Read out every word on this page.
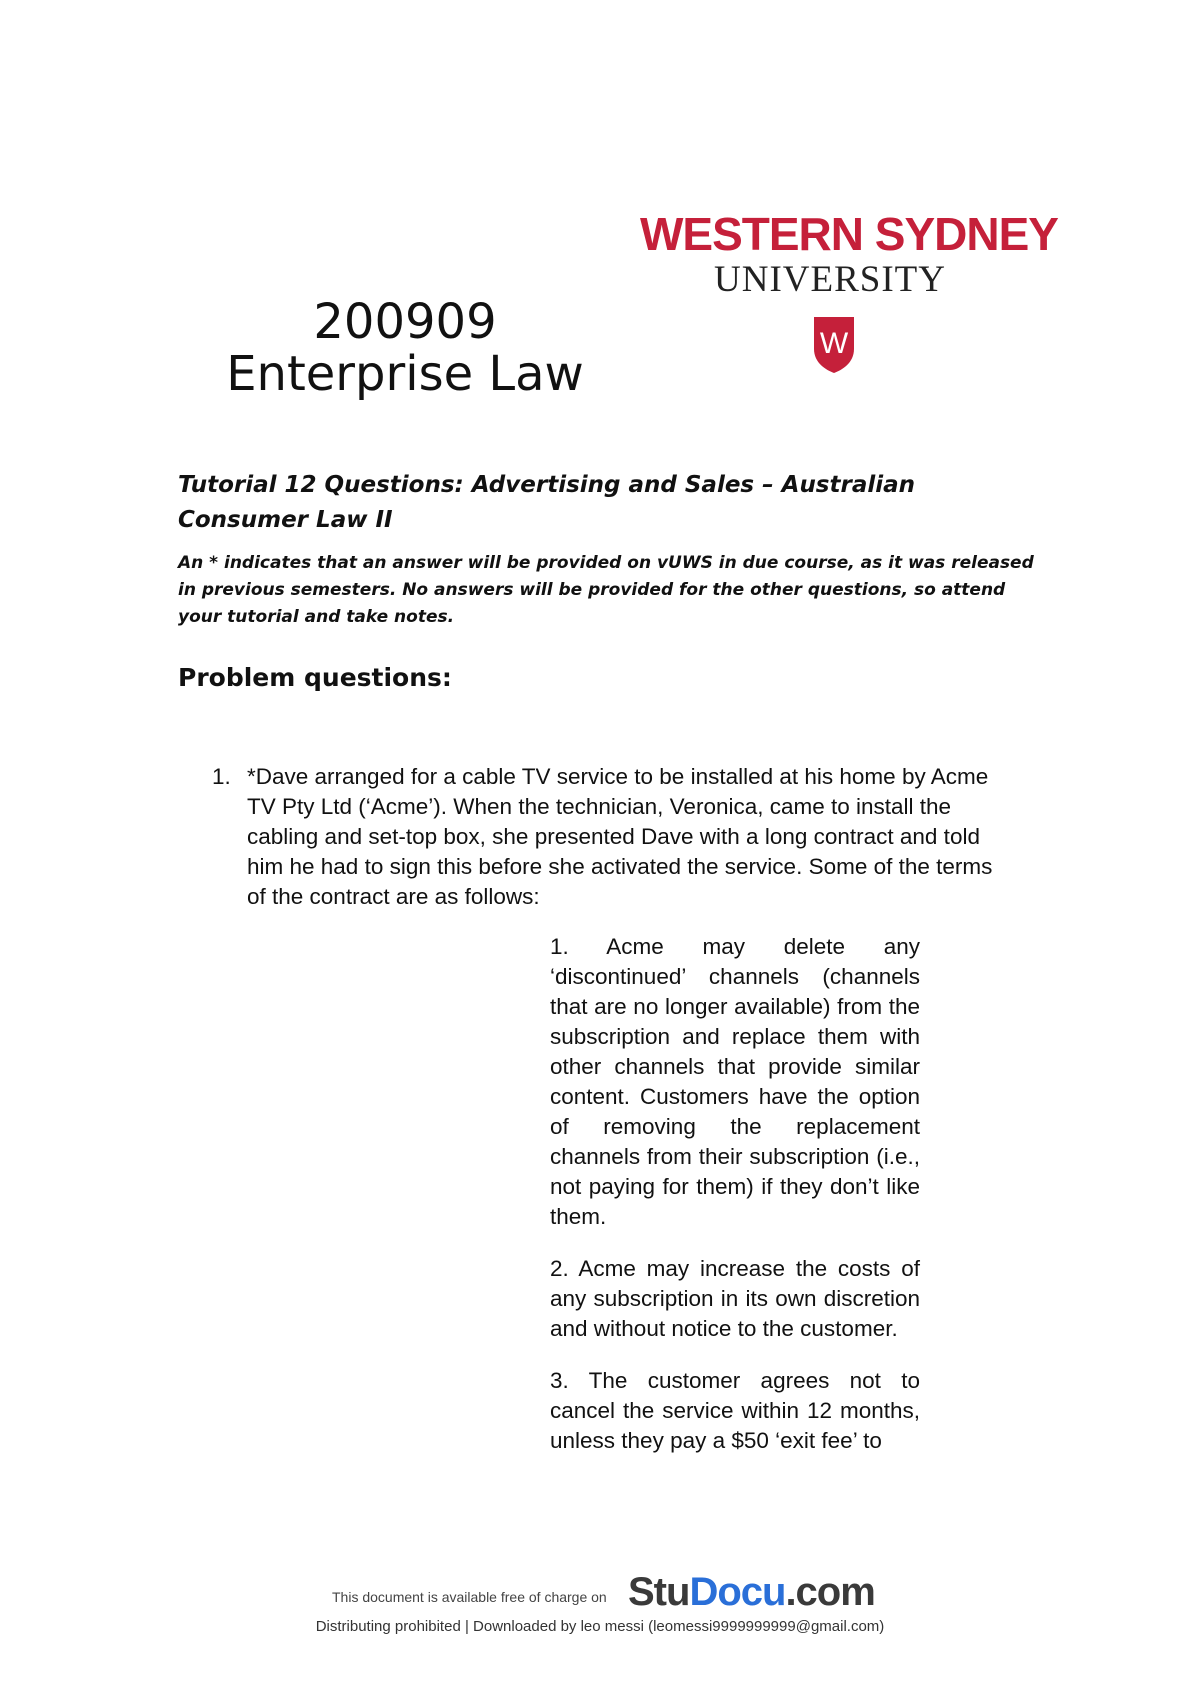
WESTERN SYDNEY
UNIVERSITY
W
200909
Enterprise Law
Tutorial 12 Questions: Advertising and Sales – Australian
Consumer Law II
An * indicates that an answer will be provided on vUWS in due course, as it was released in previous semesters. No answers will be provided for the other questions, so attend your tutorial and take notes.
Problem questions:
1. *Dave arranged for a cable TV service to be installed at his home by Acme TV Pty Ltd (‘Acme’). When the technician, Veronica, came to install the cabling and set-top box, she presented Dave with a long contract and told him he had to sign this before she activated the service. Some of the terms of the contract are as follows:

1. Acme may delete any ‘discontinued’ channels (channels that are no longer available) from the subscription and replace them with other channels that provide similar content. Customers have the option of removing the replacement channels from their subscription (i.e., not paying for them) if they don’t like them.

2. Acme may increase the costs of any subscription in its own discretion and without notice to the customer.

3. The customer agrees not to cancel the service within 12 months, unless they pay a $50 ‘exit fee’ to

This document is available free of charge on StuDocu.com
Distributing prohibited | Downloaded by leo messi (leomessi9999999999@gmail.com)
